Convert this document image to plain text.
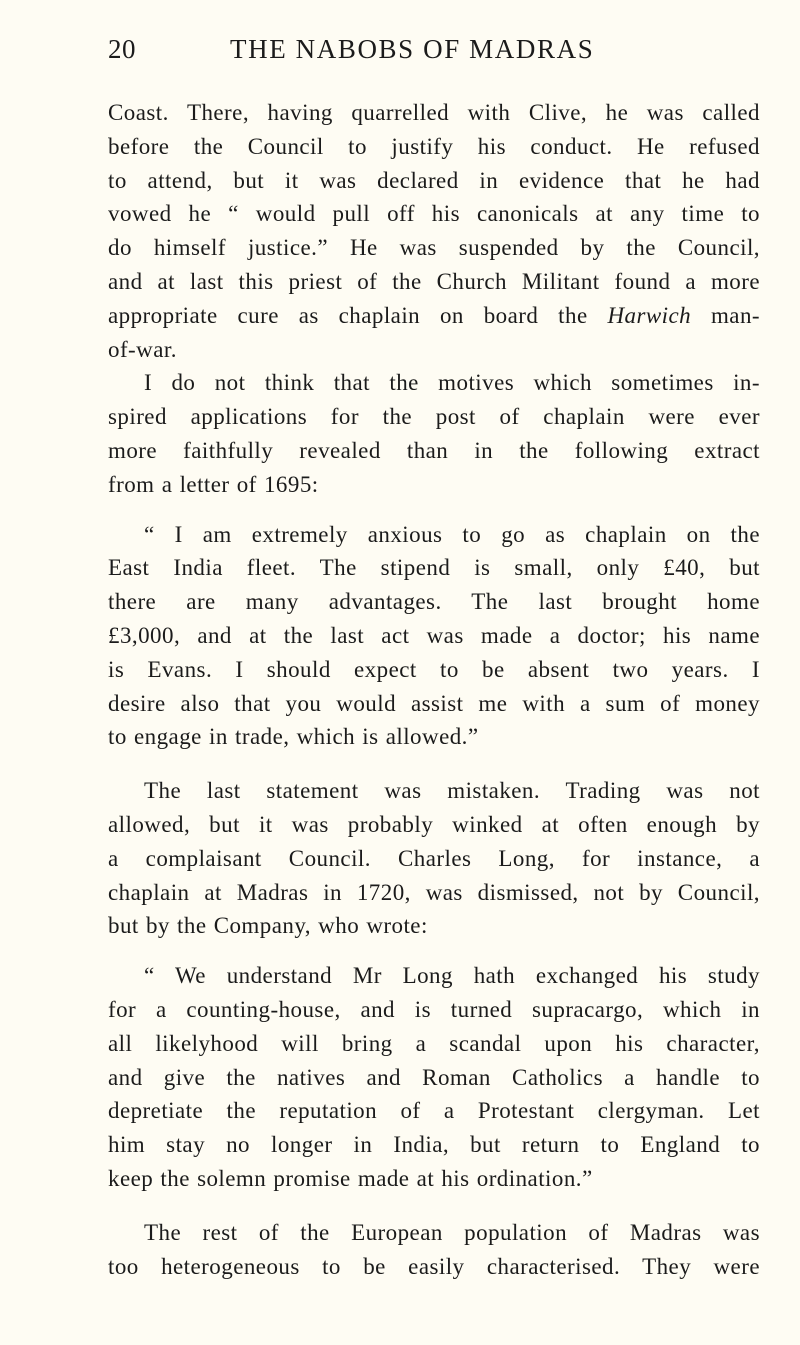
20	THE NABOBS OF MADRAS

Coast. There, having quarrelled with Clive, he was called
before the Council to justify his conduct. He refused
to attend, but it was declared in evidence that he had
vowed he “ would pull off his canonicals at any time to
do himself justice.” He was suspended by the Council,
and at last this priest of the Church Militant found a more
appropriate cure as chaplain on board the Harwich man-
of-war.

I do not think that the motives which sometimes in-
spired applications for the post of chaplain were ever
more faithfully revealed than in the following extract
from a letter of 1695:

“ I am extremely anxious to go as chaplain on the
East India fleet. The stipend is small, only £40, but
there are many advantages. The last brought home
£3,000, and at the last act was made a doctor; his name
is Evans. I should expect to be absent two years. I
desire also that you would assist me with a sum of money
to engage in trade, which is allowed.”

The last statement was mistaken. Trading was not
allowed, but it was probably winked at often enough by
a complaisant Council. Charles Long, for instance, a
chaplain at Madras in 1720, was dismissed, not by Council,
but by the Company, who wrote:

“ We understand Mr Long hath exchanged his study
for a counting-house, and is turned supracargo, which in
all likelyhood will bring a scandal upon his character,
and give the natives and Roman Catholics a handle to
depretiate the reputation of a Protestant clergyman. Let
him stay no longer in India, but return to England to
keep the solemn promise made at his ordination.”

The rest of the European population of Madras was
too heterogeneous to be easily characterised. They were
